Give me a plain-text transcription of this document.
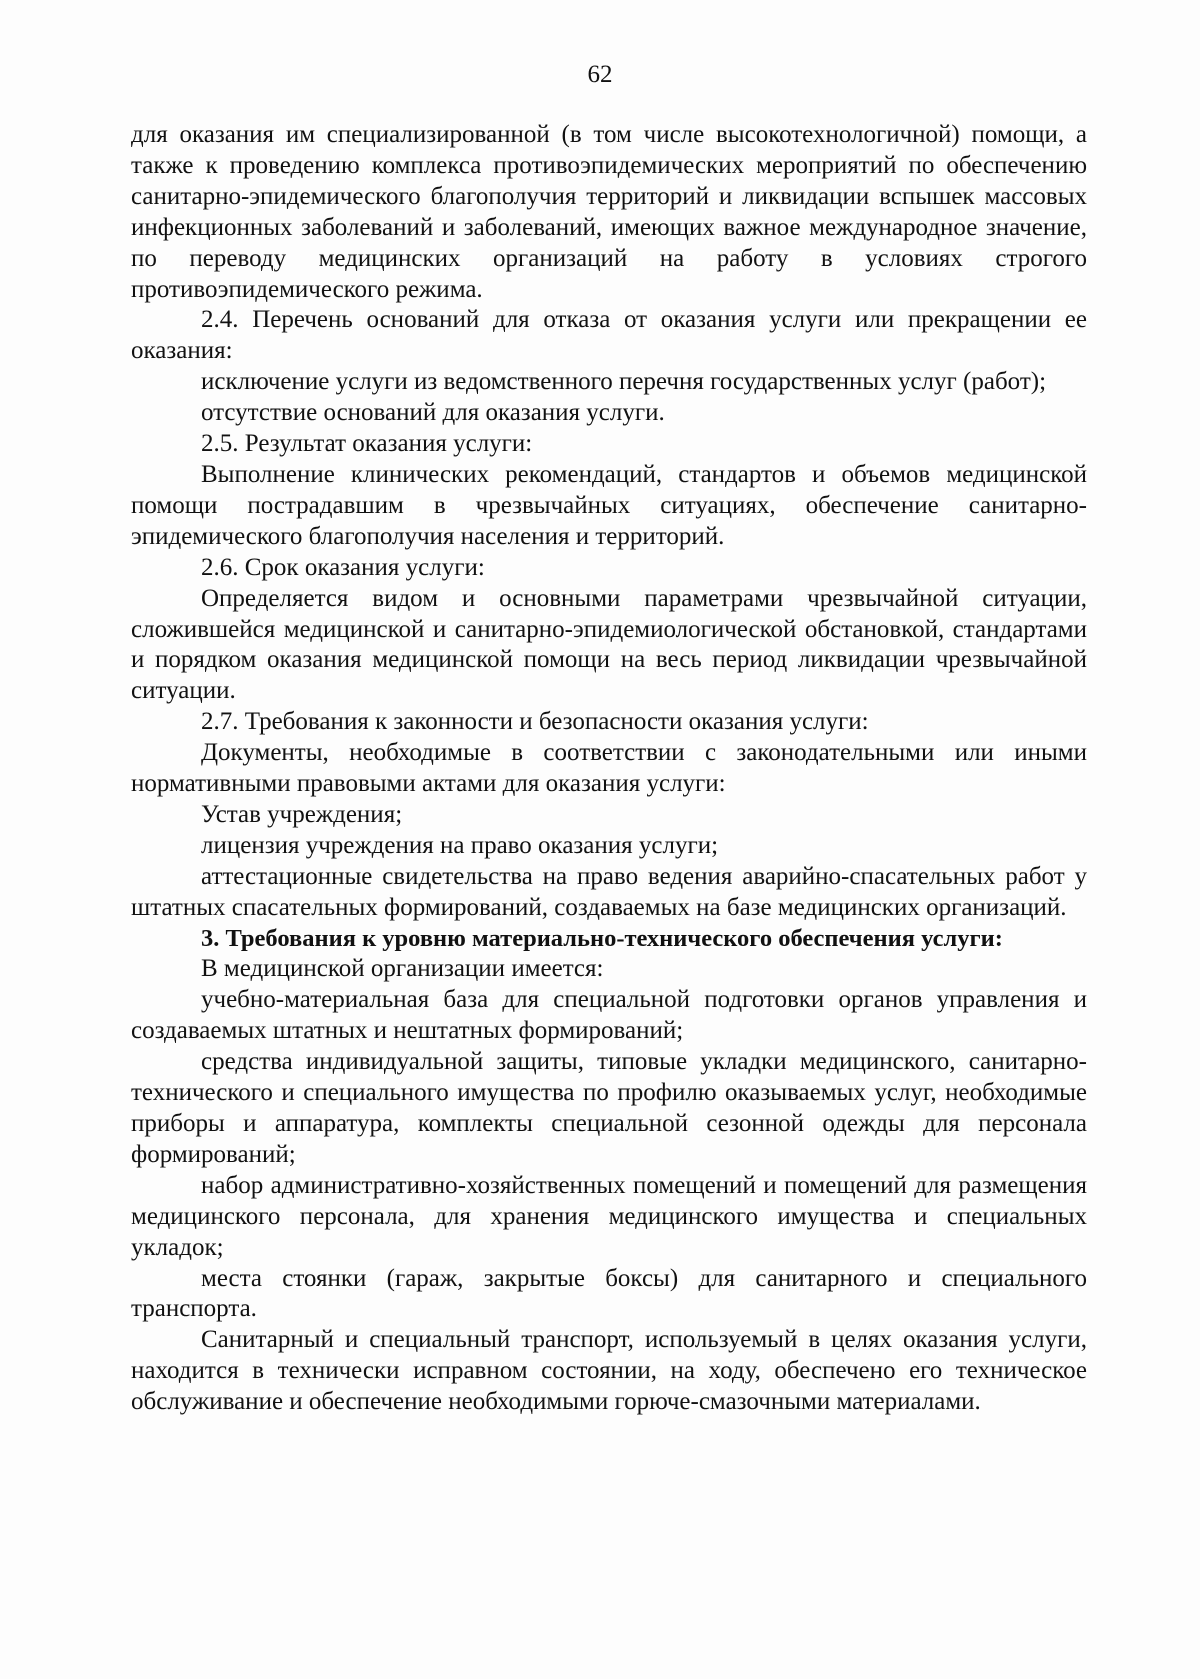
62

для оказания им специализированной (в том числе высокотехнологичной) помощи, а также к проведению комплекса противоэпидемических мероприятий по обеспечению санитарно-эпидемического благополучия территорий и ликвидации вспышек массовых инфекционных заболеваний и заболеваний, имеющих важное международное значение, по переводу медицинских организаций на работу в условиях строгого противоэпидемического режима.

2.4. Перечень оснований для отказа от оказания услуги или прекращении ее оказания:

исключение услуги из ведомственного перечня государственных услуг (работ);

отсутствие оснований для оказания услуги.

2.5. Результат оказания услуги:

Выполнение клинических рекомендаций, стандартов и объемов медицинской помощи пострадавшим в чрезвычайных ситуациях, обеспечение санитарно-эпидемического благополучия населения и территорий.

2.6. Срок оказания услуги:

Определяется видом и основными параметрами чрезвычайной ситуации, сложившейся медицинской и санитарно-эпидемиологической обстановкой, стандартами и порядком оказания медицинской помощи на весь период ликвидации чрезвычайной ситуации.

2.7. Требования к законности и безопасности оказания услуги:

Документы, необходимые в соответствии с законодательными или иными нормативными правовыми актами для оказания услуги:

Устав учреждения;

лицензия учреждения на право оказания услуги;

аттестационные свидетельства на право ведения аварийно-спасательных работ у штатных спасательных формирований, создаваемых на базе медицинских организаций.

3. Требования к уровню материально-технического обеспечения услуги:

В медицинской организации имеется:

учебно-материальная база для специальной подготовки органов управления и создаваемых штатных и нештатных формирований;

средства индивидуальной защиты, типовые укладки медицинского, санитарно-технического и специального имущества по профилю оказываемых услуг, необходимые приборы и аппаратура, комплекты специальной сезонной одежды для персонала формирований;

набор административно-хозяйственных помещений и помещений для размещения медицинского персонала, для хранения медицинского имущества и специальных укладок;

места стоянки (гараж, закрытые боксы) для санитарного и специального транспорта.

Санитарный и специальный транспорт, используемый в целях оказания услуги, находится в технически исправном состоянии, на ходу, обеспечено его техническое обслуживание и обеспечение необходимыми горюче-смазочными материалами.
